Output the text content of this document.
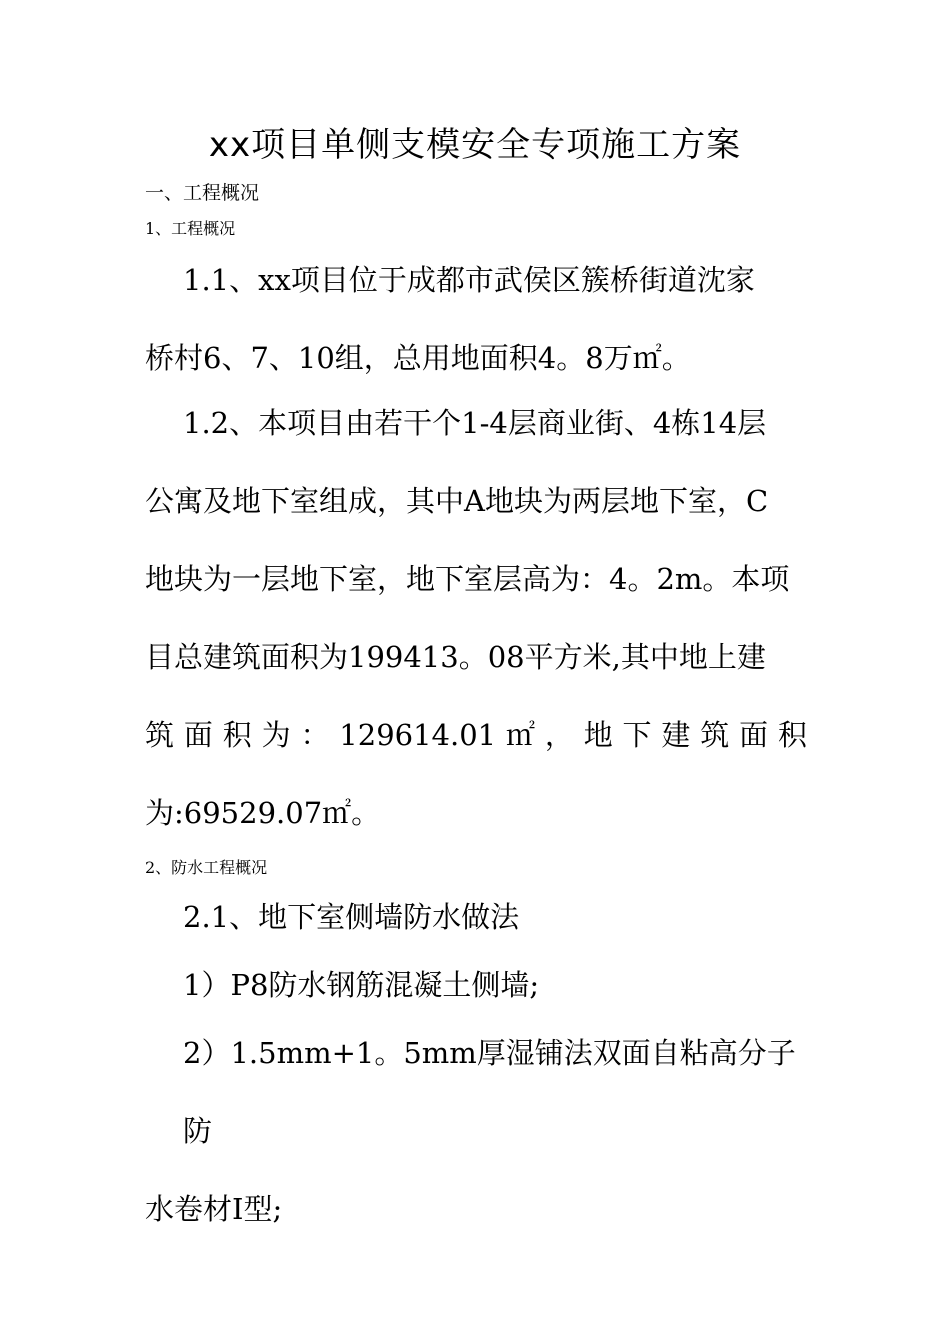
xx项目单侧支模安全专项施工方案
一、工程概况
1、工程概况
1.1、xx项目位于成都市武侯区簇桥街道沈家
桥村6、7、10组，总用地面积4。8万㎡。
1.2、本项目由若干个1-4层商业街、4栋14层
公寓及地下室组成，其中A地块为两层地下室，C
地块为一层地下室，地下室层高为：4。2m。本项
目总建筑面积为199413。08平方米,其中地上建
筑面积为：129614.01㎡，地下建筑面积
为:69529.07㎡。
2、防水工程概况
2.1、地下室侧墙防水做法
1）P8防水钢筋混凝土侧墙;
2）1.5mm+1。5mm厚湿铺法双面自粘高分子防
水卷材Ⅰ型;
